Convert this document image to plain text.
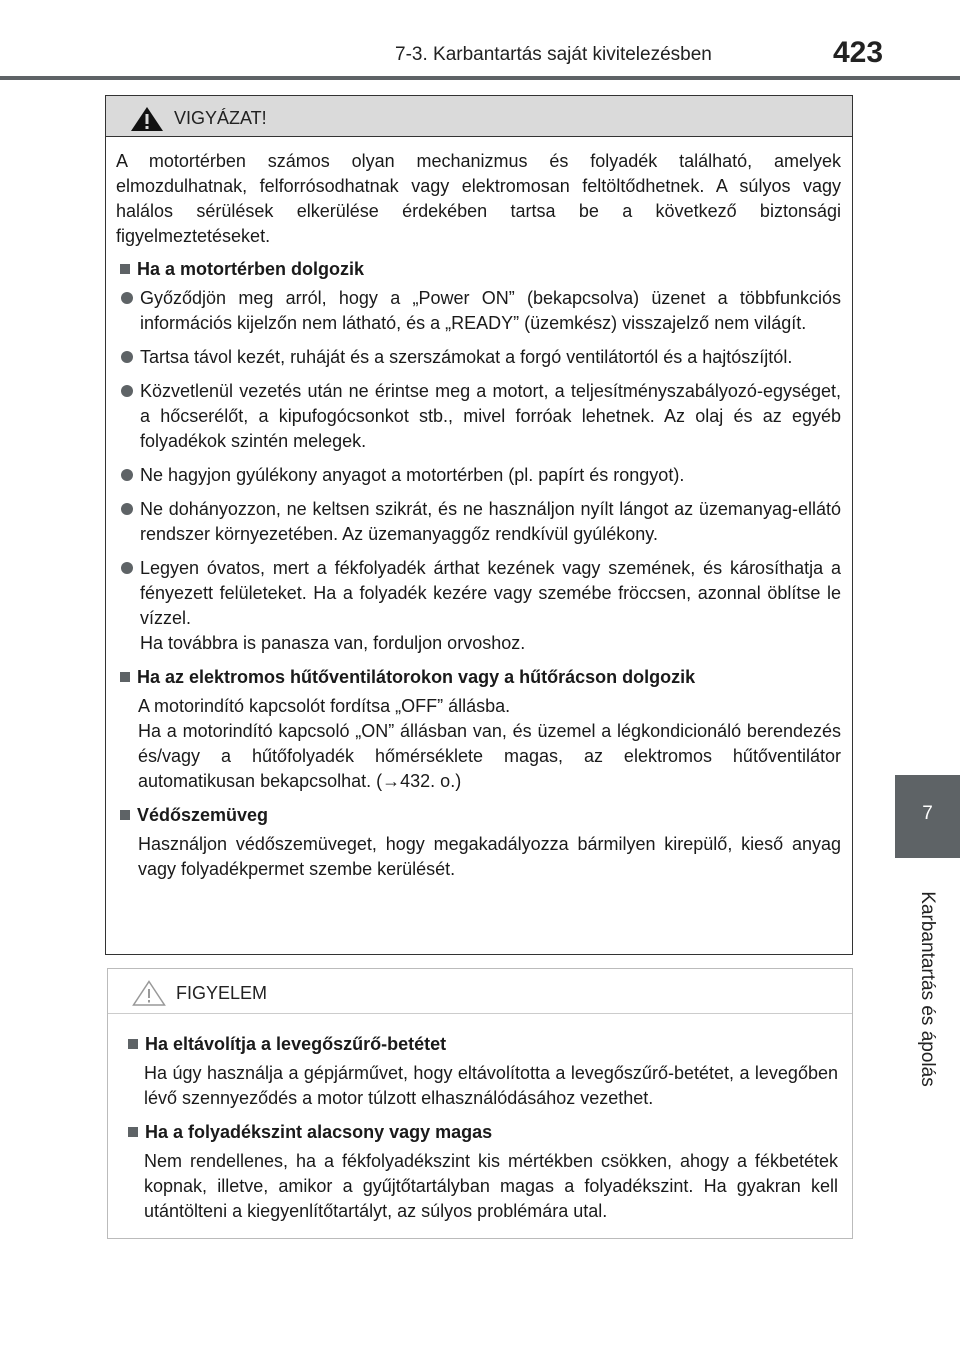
7-3. Karbantartás saját kivitelezésben	423
7
Karbantartás és ápolás
VIGYÁZAT!

A motortérben számos olyan mechanizmus és folyadék található, amelyek elmozdulhatnak, felforrósodhatnak vagy elektromosan feltöltődhetnek. A súlyos vagy halálos sérülések elkerülése érdekében tartsa be a következő biztonsági figyelmeztetéseket.

Ha a motortérben dolgozik

Győződjön meg arról, hogy a „Power ON” (bekapcsolva) üzenet a többfunkciós információs kijelzőn nem látható, és a „READY” (üzemkész) visszajelző nem világít.

Tartsa távol kezét, ruháját és a szerszámokat a forgó ventilátortól és a hajtószíjtól.

Közvetlenül vezetés után ne érintse meg a motort, a teljesítményszabályozó-egységet, a hőcserélőt, a kipufogócsonkot stb., mivel forróak lehetnek. Az olaj és az egyéb folyadékok szintén melegek.

Ne hagyjon gyúlékony anyagot a motortérben (pl. papírt és rongyot).

Ne dohányozzon, ne keltsen szikrát, és ne használjon nyílt lángot az üzemanyag-ellátó rendszer környezetében. Az üzemanyaggőz rendkívül gyúlékony.

Legyen óvatos, mert a fékfolyadék árthat kezének vagy szemének, és károsíthatja a fényezett felületeket. Ha a folyadék kezére vagy szemébe fröccsen, azonnal öblítse le vízzel.
Ha továbbra is panasza van, forduljon orvoshoz.

Ha az elektromos hűtőventilátorokon vagy a hűtőrácson dolgozik

A motorindító kapcsolót fordítsa „OFF” állásba.
Ha a motorindító kapcsoló „ON” állásban van, és üzemel a légkondicionáló berendezés és/vagy a hűtőfolyadék hőmérséklete magas, az elektromos hűtőventilátor automatikusan bekapcsolhat. (→432. o.)

Védőszemüveg

Használjon védőszemüveget, hogy megakadályozza bármilyen kirepülő, kieső anyag vagy folyadékpermet szembe kerülését.

FIGYELEM
Ha eltávolítja a levegőszűrő-betétet

Ha úgy használja a gépjárművet, hogy eltávolította a levegőszűrő-betétet, a levegőben lévő szennyeződés a motor túlzott elhasználódásához vezethet.

Ha a folyadékszint alacsony vagy magas

Nem rendellenes, ha a fékfolyadékszint kis mértékben csökken, ahogy a fékbetétek kopnak, illetve, amikor a gyűjtőtartályban magas a folyadékszint. Ha gyakran kell utántölteni a kiegyenlítőtartályt, az súlyos problémára utal.
